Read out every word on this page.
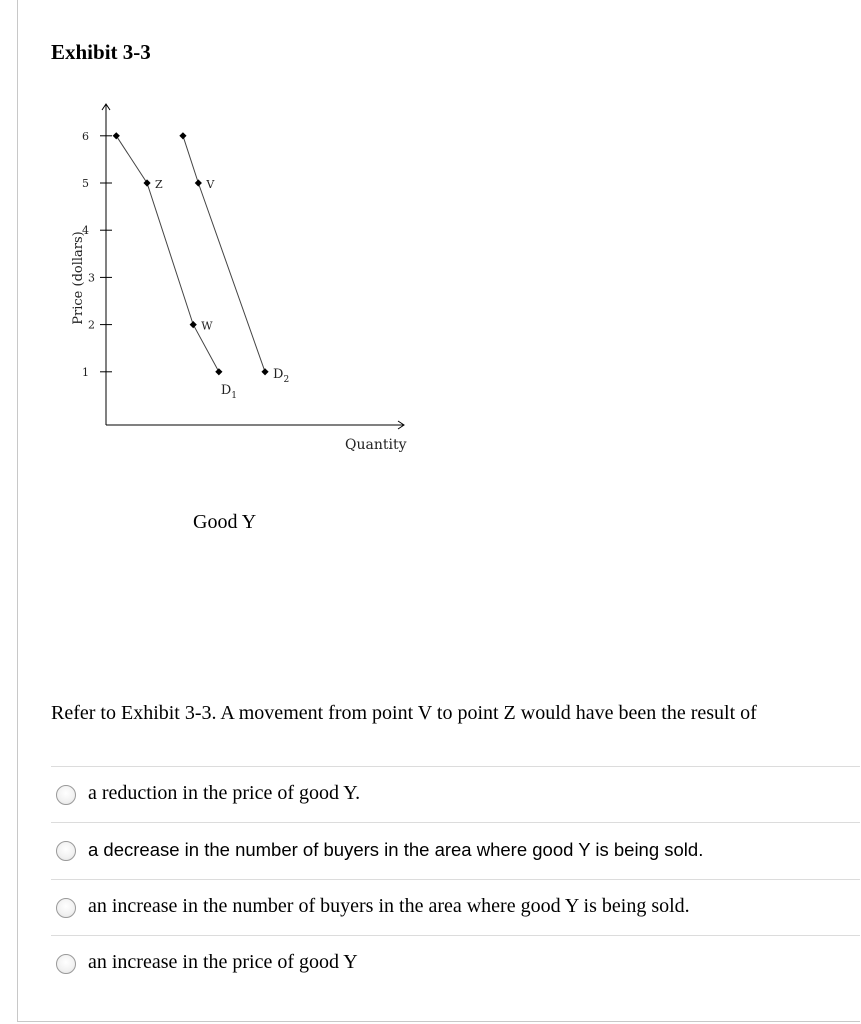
Exhibit 3-3
Price (dollars)
Quantity
1
2
3
4
5
6
Z
W
V
$D_1$
$D_2$
Good Y
Refer to Exhibit 3-3. A movement from point V to point Z would have been the result of
a reduction in the price of good Y.
a decrease in the number of buyers in the area where good Y is being sold.
an increase in the number of buyers in the area where good Y is being sold.
an increase in the price of good Y
